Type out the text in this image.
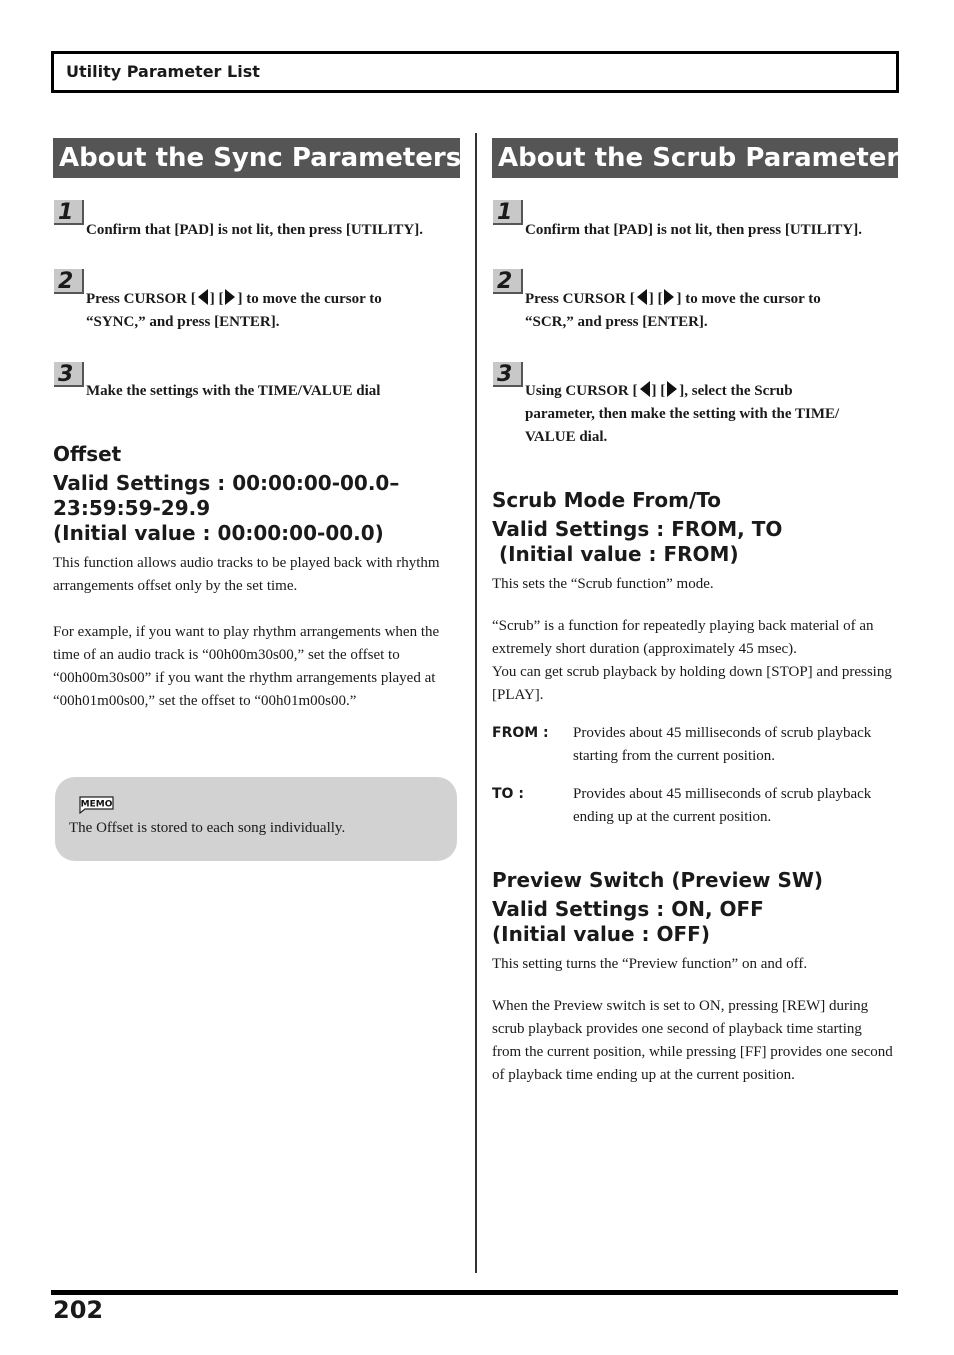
Utility Parameter List
About the Sync Parameters
1

Confirm that [PAD] is not lit, then press [UTILITY].

2

Press CURSOR [ ] [ ] to move the cursor to
“SYNC,” and press [ENTER].

3

Make the settings with the TIME/VALUE dial

Offset
Valid Settings : 00:00:00-00.0–
23:59:59-29.9
(Initial value : 00:00:00-00.0)

This function allows audio tracks to be played back with rhythm arrangements offset only by the set time.

For example, if you want to play rhythm arrangements when the time of an audio track is “00h00m30s00,” set the offset to “00h00m30s00” if you want the rhythm arrangements played at “00h01m00s00,” set the offset to “00h01m00s00.”

MEMO
The Offset is stored to each song individually.
About the Scrub Parameters
1

Confirm that [PAD] is not lit, then press [UTILITY].

2

Press CURSOR [ ] [ ] to move the cursor to
“SCR,” and press [ENTER].

3

Using CURSOR [ ] [ ], select the Scrub
parameter, then make the setting with the TIME/
VALUE dial.

Scrub Mode From/To
Valid Settings : FROM, TO
(Initial value : FROM)

This sets the “Scrub function” mode.

“Scrub” is a function for repeatedly playing back material of an extremely short duration (approximately 45 msec).

You can get scrub playback by holding down [STOP] and pressing [PLAY].

FROM : Provides about 45 milliseconds of scrub playback starting from the current position.

TO :	Provides about 45 milliseconds of scrub playback ending up at the current position.

Preview Switch (Preview SW)
Valid Settings : ON, OFF
(Initial value : OFF)

This setting turns the “Preview function” on and off.

When the Preview switch is set to ON, pressing [REW] during scrub playback provides one second of playback time starting from the current position, while pressing [FF] provides one second of playback time ending up at the current position.

202
